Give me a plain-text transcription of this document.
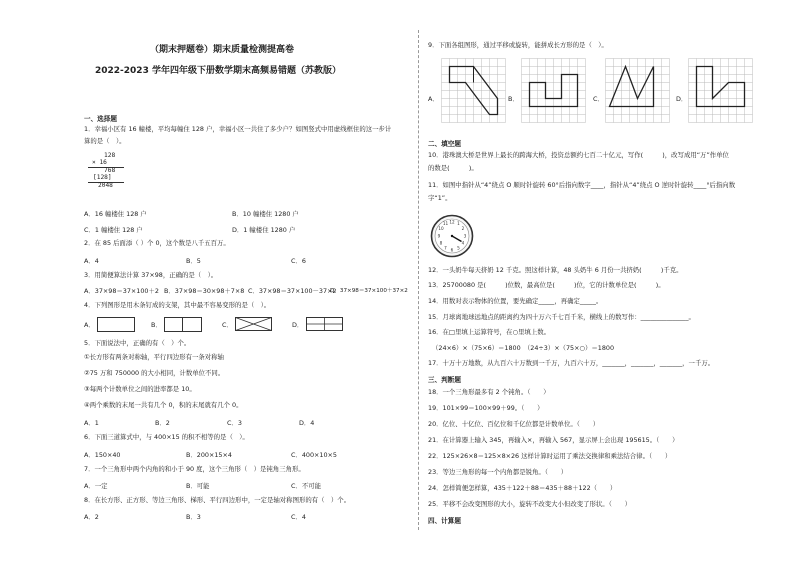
（期末押题卷）期末质量检测提高卷
2022-2023 学年四年级下册数学期末高频易错题（苏教版）
一、选择题
1．幸福小区有 16 幢楼，平均每幢住 128 户，幸福小区一共住了多少户？如图竖式中用虚线框住的这一步计
算的是（　）。
128
× 16
768
[128]
2048
A．16 幢楼住 128 户	B．10 幢楼住 1280 户
C．1 幢楼住 128 户	D．1 幢楼住 1280 户
2．在 85 后面添（ ）个 0，这个数是八千五百万。
A．4	B．5	C．6
3．用简便算法计算 37×98，正确的是（　）。
A．37×98＝37×100＋2 B．37×98＝30×98＋7×8 C．37×98＝37×100－37×2
D．37×98＝37×100＋37×2
4．下列图形是用木条钉成的支架，其中最不容易变形的是（　）。
A．	B．	C．	D．
5．下面说法中，正确的有（　）个。
①长方形有两条对称轴，平行四边形有一条对称轴
②75 万和 750000 的大小相同，计数单位不同。
③每两个计数单位之间的进率都是 10。
④两个乘数的末尾一共有几个 0，积的末尾就有几个 0。
A．1	B．2	C．3	D．4
6．下面三道算式中，与 400×15 的积不相等的是（　）。
A．150×40	B．200×15×4	C．400×10×5
7．一个三角形中两个内角的和小于 90 度，这个三角形（　）是钝角三角形。
A．一定	B．可能	C．不可能
8．在长方形、正方形、等边三角形、梯形、平行四边形中，一定是轴对称图形的有（　）个。
A．2	B．3	C．4
9．下面各组图形，通过平移或旋转，能拼成长方形的是（　）。
A．	B．	C．	D．
二、填空题
10．港珠澳大桥是世界上最长的跨海大桥，投资总额约七百二十亿元，写作(　　　)，改写成用“万”作单位
的数是(　　　)。
11．如图中指针从“4”绕点 O 顺时针旋转 60°后指向数字____，指针从“4”绕点 O 逆时针旋转____°后指向数
字“1”。
12 1
2
3
4
5
6
7
8
9
10
11
12．一头奶牛每天挤奶 12 千克。照这样计算，48 头奶牛 6 月份一共挤奶(　　　)千克。
13．25700080 是(　　　)位数，最高位是(　　　)位，它的计数单位是(　　　)。
14．用数对表示物体的位置，要先确定_____，再确定_____。
15．月球离地球远地点的距离约为四十万六千七百千米，横线上的数写作：_______________。
16．在□里填上运算符号，在○里填上数。
（24×6）×（75×6）＝1800　（24÷3）×（75×○）＝1800
17．十万十万地数，从九百六十万数到一千万，九百六十万，_______，_______，_______，一千万。
三、判断题
18．一个三角形最多有 2 个钝角。（　　）
19．101×99＝100×99＋99。（　　）
20．亿位、十亿位、百亿位和千亿位都是计数单位。（　　）
21．在计算器上输入 345，再输入×，再输入 567，显示屏上会出现 195615。（　　）
22．125×26×8＝125×8×26 这样计算时运用了乘法交换律和乘法结合律。（　　）
23．等边三角形的每一个内角都是锐角。（　　）
24．怎样简便怎样算，435＋122＋88＝435＋88＋122（　　）
25．平移不会改变图形的大小，旋转不改变大小但改变了形状。（　　）
四、计算题
